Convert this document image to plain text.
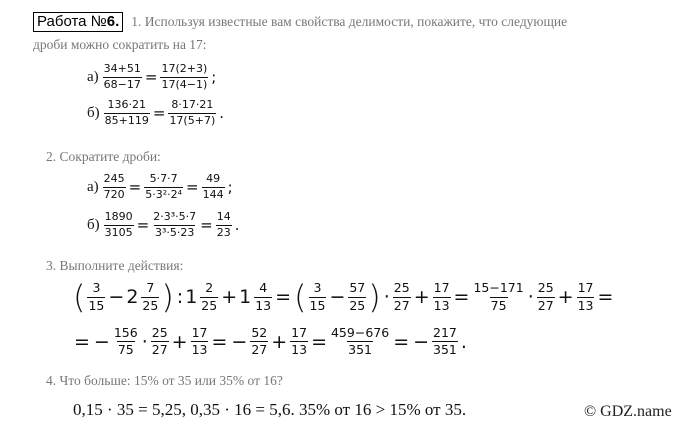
Работа №6. 1. Используя известные вам свойства делимости, покажите, что следующие
дроби можно сократить на 17:
$а) \frac{34+51}{68-17} = \frac{17(2+3)}{17(4-1)}$ ;
$б) \frac{136\cdot 21}{85+119} = \frac{8\cdot 17\cdot 21}{17(5+7)}$ .
2. Сократите дроби:
$а) \frac{245}{720} = \frac{5\cdot 7\cdot 7}{\text{5·3²·2⁴}} = \frac{49}{144}$ ;
$б) \frac{1890}{3105} = \frac{\text{2·3³·5·7}}{\text{3³·5·23}} = \frac{14}{23}$ .
3. Выполните действия:
( $\frac{3}{15} - 2 \frac{7}{25}$ ) : $1 \frac{2}{25} + 1 \frac{4}{13}$ = ( $\frac{3}{15} - \frac{57}{25}$ ) · $\frac{25}{27} + \frac{17}{13} = \frac{15-171}{75} \cdot \frac{25}{27} + \frac{17}{13}$ =
= − $\frac{156}{75} \cdot \frac{25}{27} + \frac{17}{13}$ = − $\frac{52}{27} + \frac{17}{13} = \frac{459-676}{351}$ = − $\frac{217}{351}$ .
4. Что больше: 15% от 35 или 35% от 16?
0,15 · 35 = 5,25, 0,35 · 16 = 5,6. 35% от 16 > 15% от 35.	© GDZ.name
